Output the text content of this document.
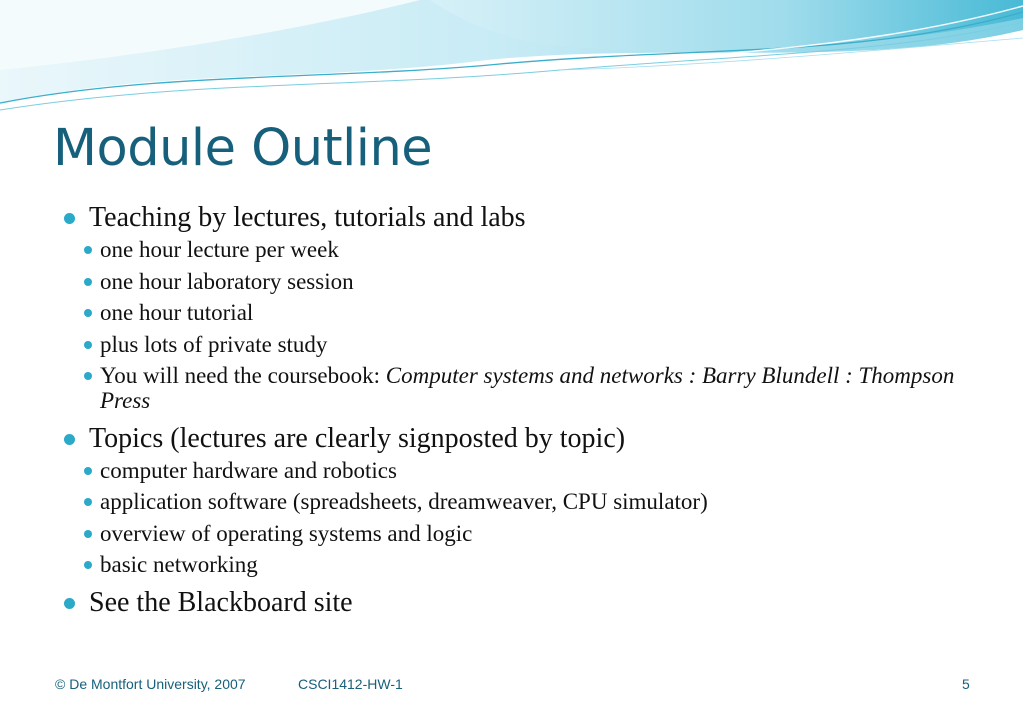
Module Outline
Teaching by lectures, tutorials and labs
one hour lecture per week
one hour laboratory session
one hour tutorial
plus lots of private study
You will need the coursebook: Computer systems and networks : Barry Blundell : Thompson Press
Topics (lectures are clearly signposted by topic)
computer hardware and robotics
application software (spreadsheets, dreamweaver, CPU simulator)
overview of operating systems and logic
basic networking
See the Blackboard site
© De Montfort University, 2007	CSCI1412-HW-1	5
